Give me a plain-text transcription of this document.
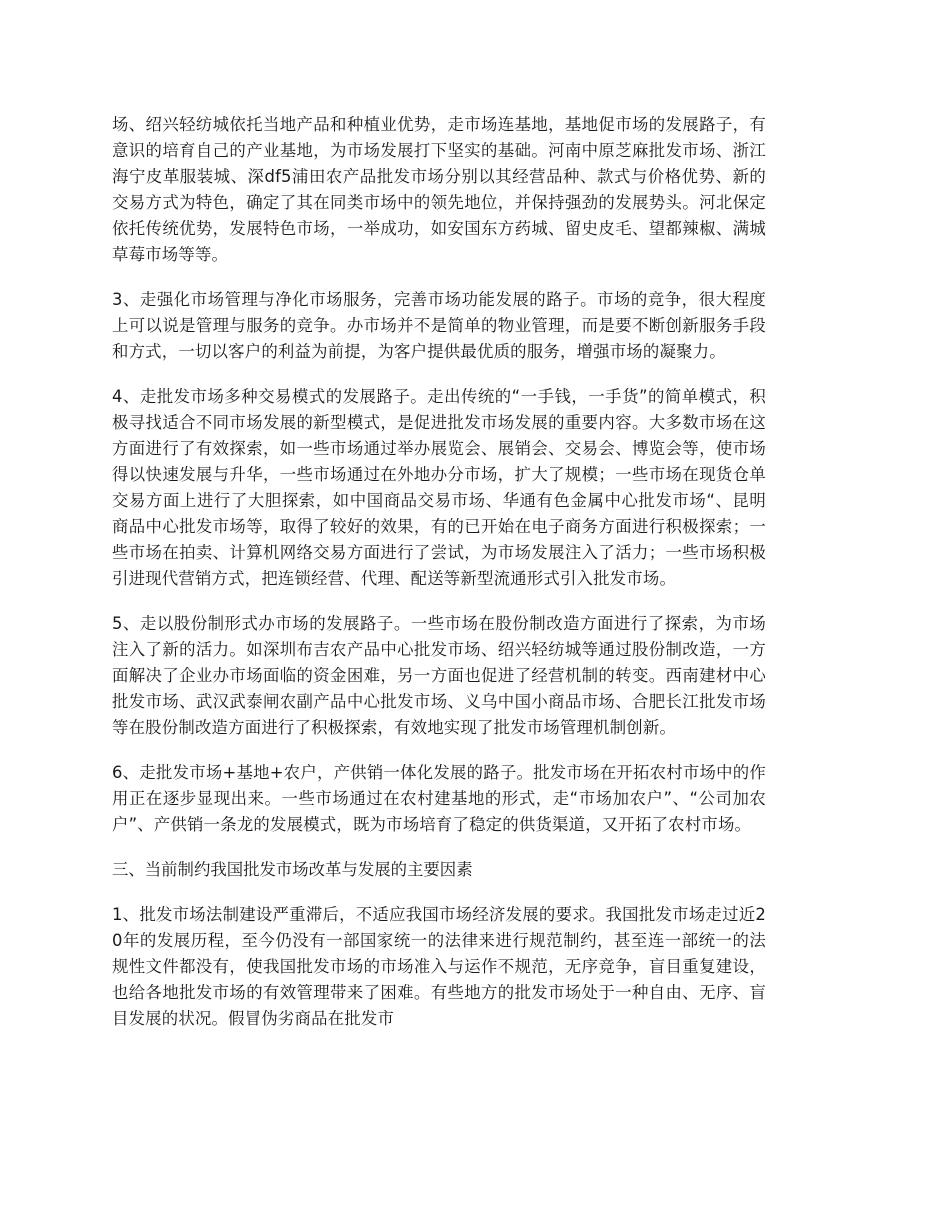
场、绍兴轻纺城依托当地产品和种植业优势，走市场连基地，基地促市场的发展路子，有意识的培育自己的产业基地，为市场发展打下坚实的基础。河南中原芝麻批发市场、浙江海宁皮革服装城、深df5浦田农产品批发市场分别以其经营品种、款式与价格优势、新的交易方式为特色，确定了其在同类市场中的领先地位，并保持强劲的发展势头。河北保定依托传统优势，发展特色市场，一举成功，如安国东方药城、留史皮毛、望都辣椒、满城草莓市场等等。

3、走强化市场管理与净化市场服务，完善市场功能发展的路子。市场的竞争，很大程度上可以说是管理与服务的竞争。办市场并不是简单的物业管理，而是要不断创新服务手段和方式，一切以客户的利益为前提，为客户提供最优质的服务，增强市场的凝聚力。

4、走批发市场多种交易模式的发展路子。走出传统的“一手钱，一手货”的简单模式，积极寻找适合不同市场发展的新型模式，是促进批发市场发展的重要内容。大多数市场在这方面进行了有效探索，如一些市场通过举办展览会、展销会、交易会、博览会等，使市场得以快速发展与升华，一些市场通过在外地办分市场，扩大了规模；一些市场在现货仓单交易方面上进行了大胆探索，如中国商品交易市场、华通有色金属中心批发市场“、昆明商品中心批发市场等，取得了较好的效果，有的已开始在电子商务方面进行积极探索；一些市场在拍卖、计算机网络交易方面进行了尝试，为市场发展注入了活力；一些市场积极引进现代营销方式，把连锁经营、代理、配送等新型流通形式引入批发市场。

5、走以股份制形式办市场的发展路子。一些市场在股份制改造方面进行了探索，为市场注入了新的活力。如深圳布吉农产品中心批发市场、绍兴轻纺城等通过股份制改造，一方面解决了企业办市场面临的资金困难，另一方面也促进了经营机制的转变。西南建材中心批发市场、武汉武泰闸农副产品中心批发市场、义乌中国小商品市场、合肥长江批发市场等在股份制改造方面进行了积极探索，有效地实现了批发市场管理机制创新。

6、走批发市场+基地+农户，产供销一体化发展的路子。批发市场在开拓农村市场中的作用正在逐步显现出来。一些市场通过在农村建基地的形式，走“市场加农户”、“公司加农户”、产供销一条龙的发展模式，既为市场培育了稳定的供货渠道，又开拓了农村市场。

三、当前制约我国批发市场改革与发展的主要因素

1、批发市场法制建设严重滞后，不适应我国市场经济发展的要求。我国批发市场走过近20年的发展历程，至今仍没有一部国家统一的法律来进行规范制约，甚至连一部统一的法规性文件都没有，使我国批发市场的市场准入与运作不规范，无序竞争，盲目重复建设，也给各地批发市场的有效管理带来了困难。有些地方的批发市场处于一种自由、无序、盲目发展的状况。假冒伪劣商品在批发市
